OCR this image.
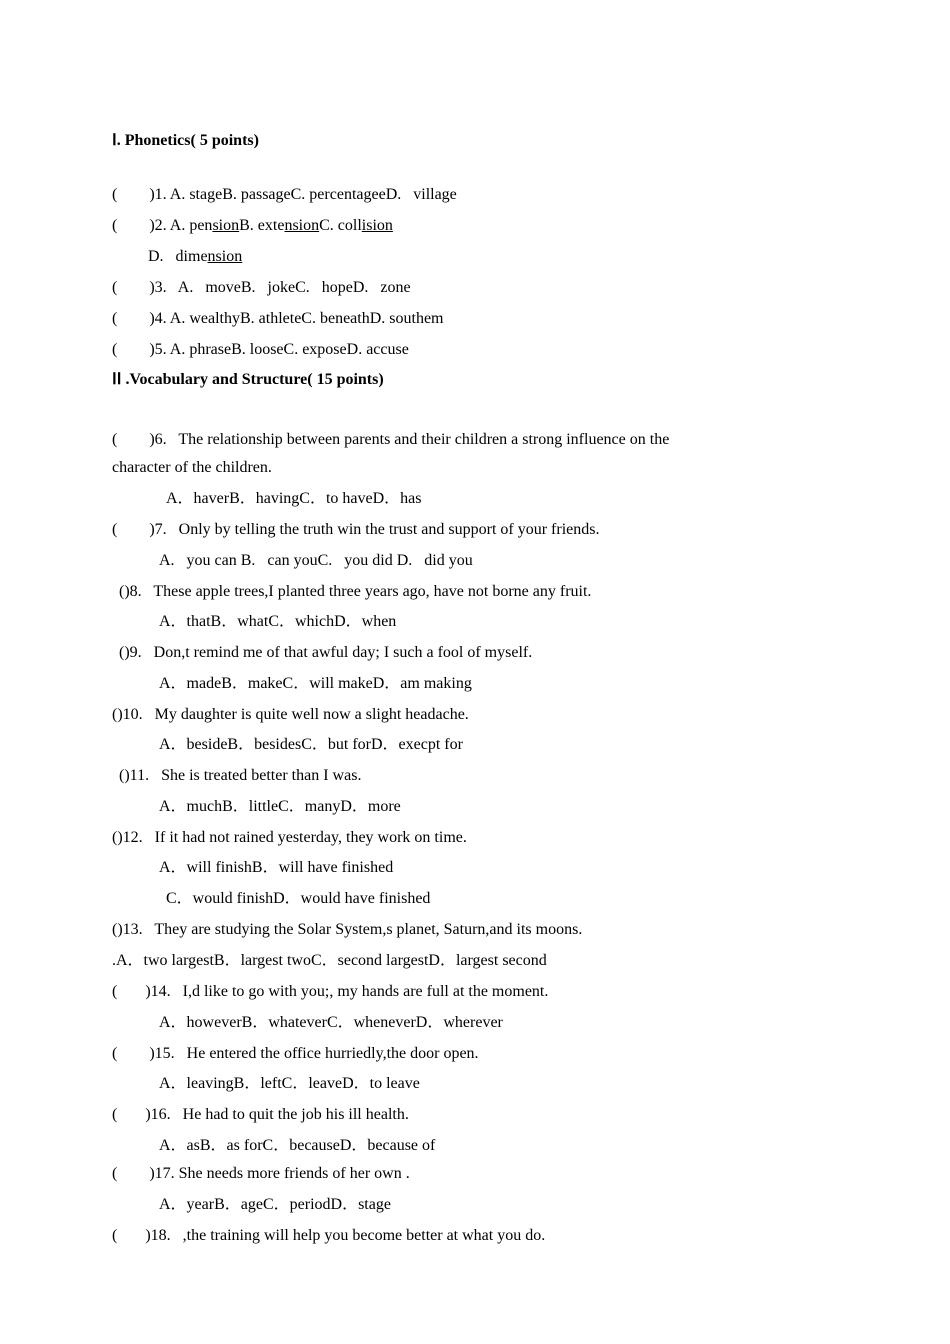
Ⅰ. Phonetics( 5 points)
(        )1. A. stageB. passageC. percentageeD.   village
(        )2. A. pensionB. extensionC. collision
D.   dimension
(        )3.   A.   moveB.   jokeC.   hopeD.   zone
(        )4. A. wealthyB. athleteC. beneathD. southem
(        )5. A. phraseB. looseC. exposeD. accuse
ⅠⅠ .Vocabulary and Structure( 15 points)
(        )6.   The relationship between parents and their children a strong influence on the
character of the children.
A．haverB．havingC．to haveD．has
(        )7.   Only by telling the truth win the trust and support of your friends.
A.   you can B.   can youC.   you did D.   did you
()8.   These apple trees,I planted three years ago, have not borne any fruit.
A．thatB．whatC．whichD．when
()9.   Don,t remind me of that awful day; I such a fool of myself.
A．madeB．makeC．will makeD．am making
()10.   My daughter is quite well now a slight headache.
A．besideB．besidesC．but forD．execpt for
()11.   She is treated better than I was.
A．muchB．littleC．manyD．more
()12.   If it had not rained yesterday, they work on time.
A．will finishB．will have finished
C．would finishD．would have finished
()13.   They are studying the Solar System,s planet, Saturn,and its moons.
.A．two largestB．largest twoC．second largestD．largest second
(       )14.   I,d like to go with you;, my hands are full at the moment.
A．howeverB．whateverC．wheneverD．wherever
(        )15.   He entered the office hurriedly,the door open.
A．leavingB．leftC．leaveD．to leave
(       )16.   He had to quit the job his ill health.
A．asB．as forC．becauseD．because of
(        )17. She needs more friends of her own .
A．yearB．ageC．periodD．stage
(       )18.   ,the training will help you become better at what you do.
